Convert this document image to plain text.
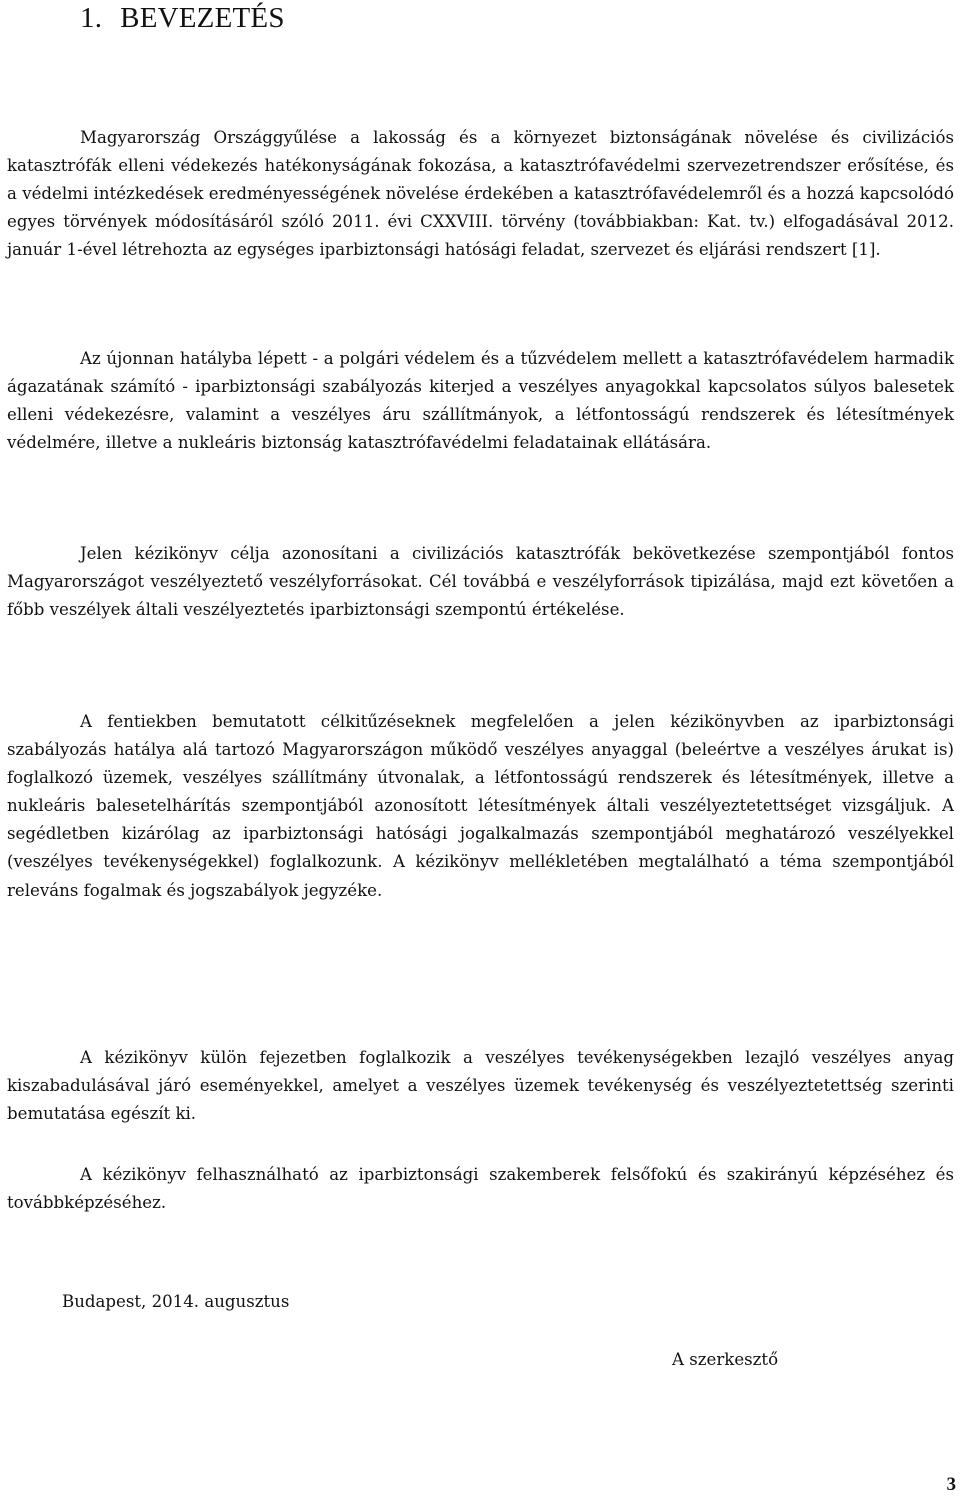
1. BEVEZETÉS

Magyarország Országgyűlése a lakosság és a környezet biztonságának növelése és civilizációs katasztrófák elleni védekezés hatékonyságának fokozása, a katasztrófavédelmi szervezetrendszer erősítése, és a védelmi intézkedések eredményességének növelése érdekében a katasztrófavédelemről és a hozzá kapcsolódó egyes törvények módosításáról szóló 2011. évi CXXVIII. törvény (továbbiakban: Kat. tv.) elfogadásával 2012. január 1-ével létrehozta az egységes iparbiztonsági hatósági feladat, szervezet és eljárási rendszert [1].

Az újonnan hatályba lépett - a polgári védelem és a tűzvédelem mellett a katasztrófavédelem harmadik ágazatának számító - iparbiztonsági szabályozás kiterjed a veszélyes anyagokkal kapcsolatos súlyos balesetek elleni védekezésre, valamint a veszélyes áru szállítmányok, a létfontosságú rendszerek és létesítmények védelmére, illetve a nukleáris biztonság katasztrófavédelmi feladatainak ellátására.

Jelen kézikönyv célja azonosítani a civilizációs katasztrófák bekövetkezése szempontjából fontos Magyarországot veszélyeztető veszélyforrásokat. Cél továbbá e veszélyforrások tipizálása, majd ezt követően a főbb veszélyek általi veszélyeztetés iparbiztonsági szempontú értékelése.

A fentiekben bemutatott célkitűzéseknek megfelelően a jelen kézikönyvben az iparbiztonsági szabályozás hatálya alá tartozó Magyarországon működő veszélyes anyaggal (beleértve a veszélyes árukat is) foglalkozó üzemek, veszélyes szállítmány útvonalak, a létfontosságú rendszerek és létesítmények, illetve a nukleáris balesetelhárítás szempontjából azonosított létesítmények általi veszélyeztetettséget vizsgáljuk. A segédletben kizárólag az iparbiztonsági hatósági jogalkalmazás szempontjából meghatározó veszélyekkel (veszélyes tevékenységekkel) foglalkozunk. A kézikönyv mellékletében megtalálható a téma szempontjából releváns fogalmak és jogszabályok jegyzéke.

A kézikönyv külön fejezetben foglalkozik a veszélyes tevékenységekben lezajló veszélyes anyag kiszabadulásával járó eseményekkel, amelyet a veszélyes üzemek tevékenység és veszélyeztetettség szerinti bemutatása egészít ki.

A kézikönyv felhasználható az iparbiztonsági szakemberek felsőfokú és szakirányú képzéséhez és továbbképzéséhez.

Budapest, 2014. augusztus

A szerkesztő

3
